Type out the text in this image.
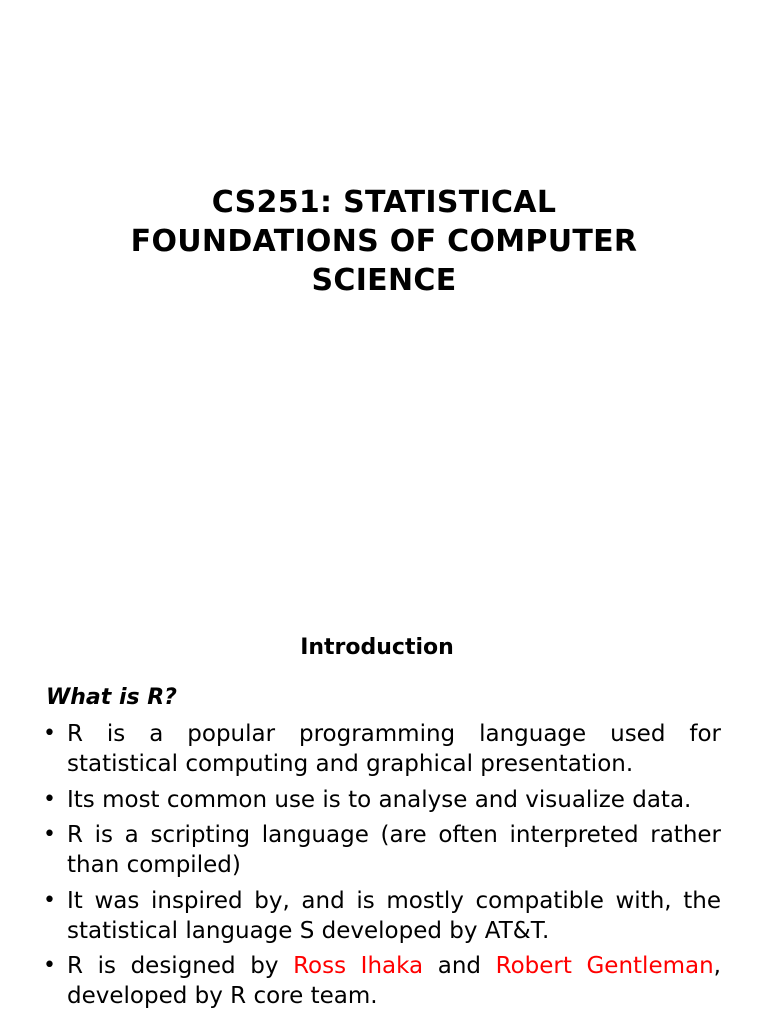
CS251: STATISTICAL
FOUNDATIONS OF COMPUTER
SCIENCE
Introduction
What is R?
• R is a popular programming language used for statistical computing and graphical presentation.
• Its most common use is to analyse and visualize data.
• R is a scripting language (are often interpreted rather than compiled)
• It was inspired by, and is mostly compatible with, the statistical language S developed by AT&T.
• R is designed by Ross Ihaka and Robert Gentleman, developed by R core team.
